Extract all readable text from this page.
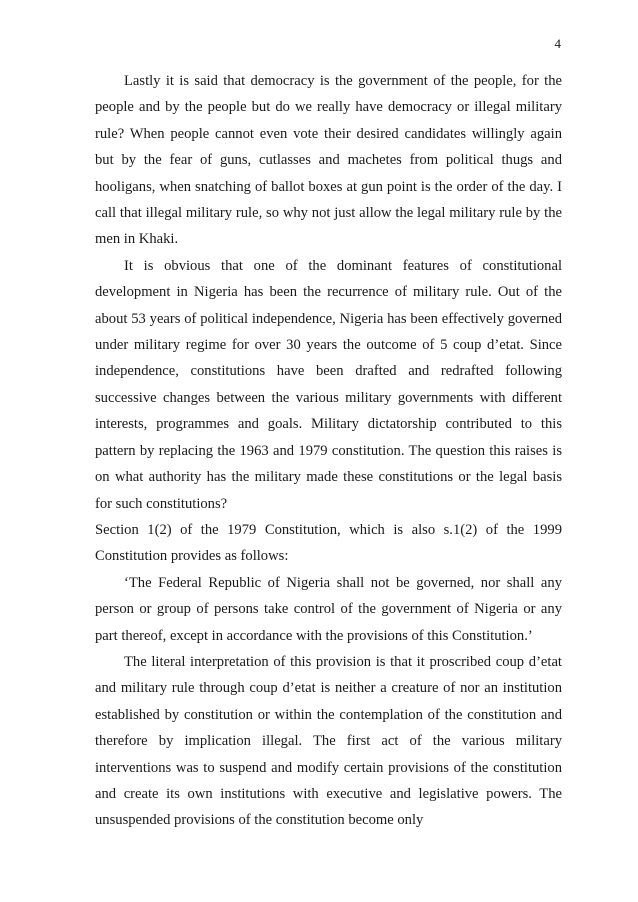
4

Lastly it is said that democracy is the government of the people, for the people and by the people but do we really have democracy or illegal military rule? When people cannot even vote their desired candidates willingly again but by the fear of guns, cutlasses and machetes from political thugs and hooligans, when snatching of ballot boxes at gun point is the order of the day. I call that illegal military rule, so why not just allow the legal military rule by the men in Khaki.

It is obvious that one of the dominant features of constitutional development in Nigeria has been the recurrence of military rule. Out of the about 53 years of political independence, Nigeria has been effectively governed under military regime for over 30 years the outcome of 5 coup d’etat. Since independence, constitutions have been drafted and redrafted following successive changes between the various military governments with different interests, programmes and goals. Military dictatorship contributed to this pattern by replacing the 1963 and 1979 constitution. The question this raises is on what authority has the military made these constitutions or the legal basis for such constitutions?

Section 1(2) of the 1979 Constitution, which is also s.1(2) of the 1999 Constitution provides as follows:

‘The Federal Republic of Nigeria shall not be governed, nor shall any person or group of persons take control of the government of Nigeria or any part thereof, except in accordance with the provisions of this Constitution.’

The literal interpretation of this provision is that it proscribed coup d’etat and military rule through coup d’etat is neither a creature of nor an institution established by constitution or within the contemplation of the constitution and therefore by implication illegal. The first act of the various military interventions was to suspend and modify certain provisions of the constitution and create its own institutions with executive and legislative powers. The unsuspended provisions of the constitution become only
